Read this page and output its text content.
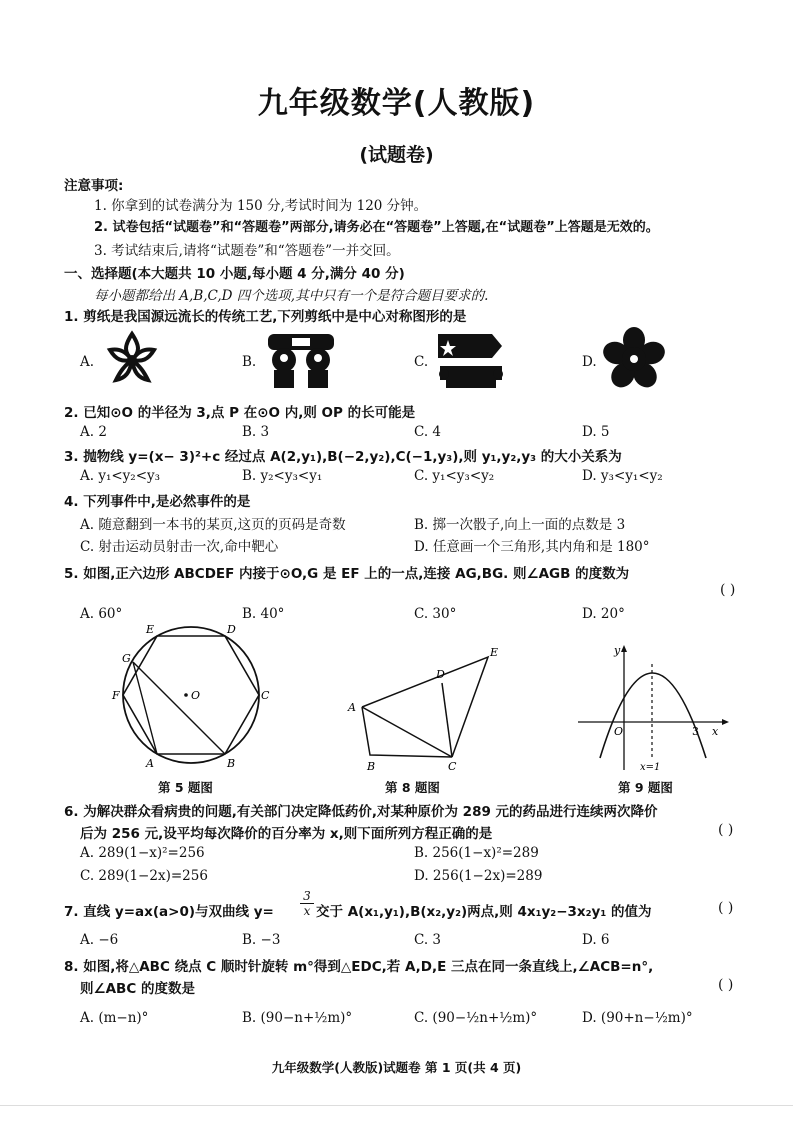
九年级数学(人教版)
(试题卷)
注意事项:
1. 你拿到的试卷满分为 150 分,考试时间为 120 分钟。
2. 试卷包括“试题卷”和“答题卷”两部分,请务必在“答题卷”上答题,在“试题卷”上答题是无效的。
3. 考试结束后,请将“试题卷”和“答题卷”一并交回。
一、选择题(本大题共 10 小题,每小题 4 分,满分 40 分)
每小题都给出 A,B,C,D 四个选项,其中只有一个是符合题目要求的.
1. 剪纸是我国源远流长的传统工艺,下列剪纸中是中心对称图形的是
A.	B.	C.	D.
2. 已知⊙O 的半径为 3,点 P 在⊙O 内,则 OP 的长可能是
A. 2	B. 3	C. 4	D. 5
3. 抛物线 y=(x− 3)²+c 经过点 A(2,y₁),B(−2,y₂),C(−1,y₃),则 y₁,y₂,y₃ 的大小关系为
A. y₁<y₂<y₃	B. y₂<y₃<y₁	C. y₁<y₃<y₂	D. y₃<y₁<y₂
4. 下列事件中,是必然事件的是
A. 随意翻到一本书的某页,这页的页码是奇数	B. 掷一次骰子,向上一面的点数是 3
C. 射击运动员射击一次,命中靶心	D. 任意画一个三角形,其内角和是 180°
5. 如图,正六边形 ABCDEF 内接于⊙O,G 是 EF 上的一点,连接 AG,BG. 则∠AGB 的度数为
( )
A. 60°	B. 40°	C. 30°	D. 20°
E	D
G
F	O	C
A	B
第 5 题图
E
D
A
B	C
第 8 题图
y
O	3 x
x=1
第 9 题图
6. 为解决群众看病贵的问题,有关部门决定降低药价,对某种原价为 289 元的药品进行连续两次降价
后为 256 元,设平均每次降价的百分率为 x,则下面所列方程正确的是	( )
A. 289(1−x)²=256	B. 256(1−x)²=289
C. 289(1−2x)=256	D. 256(1−2x)=289
7. 直线 y=ax(a>0)与双曲线 $y= \frac{3}{x}$ 交于 A(x₁,y₁),B(x₂,y₂)两点,则 4x₁y₂−3x₂y₁ 的值为	( )
A. −6	B. −3	C. 3	D. 6
8. 如图,将△ABC 绕点 C 顺时针旋转 m°得到△EDC,若 A,D,E 三点在同一条直线上,∠ACB=n°,
则∠ABC 的度数是	( )
A. (m−n)°	B. (90−n+½m)°	C. (90−½n+½m)°	D. (90+n−½m)°
九年级数学(人教版)试题卷 第 1 页(共 4 页)
